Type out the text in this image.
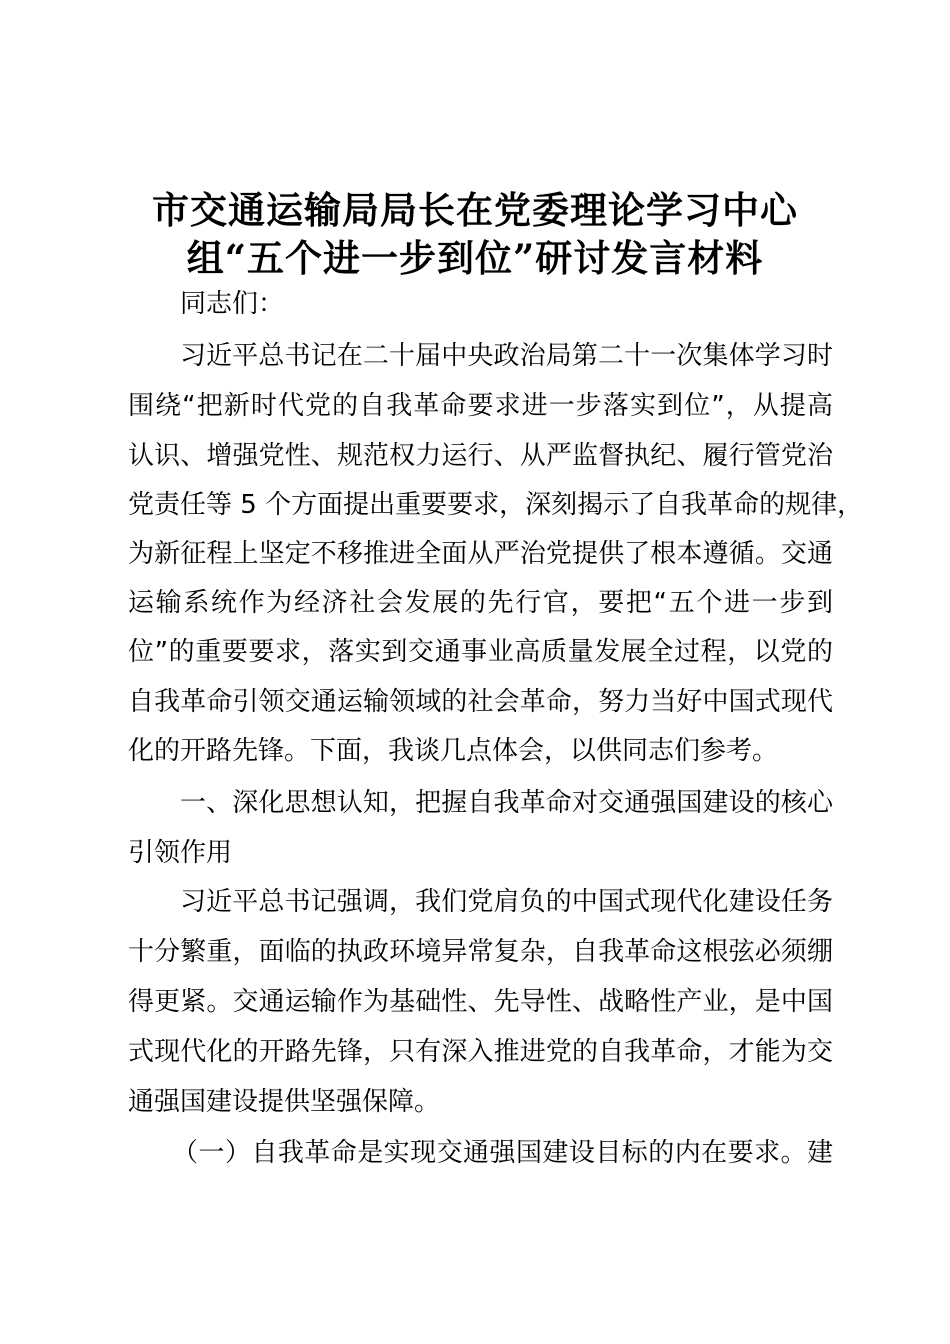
市交通运输局局长在党委理论学习中心
组“五个进一步到位”研讨发言材料
同志们：
习近平总书记在二十届中央政治局第二十一次集体学习时
围绕“把新时代党的自我革命要求进一步落实到位”，从提高
认识、增强党性、规范权力运行、从严监督执纪、履行管党治
党责任等 5 个方面提出重要要求，深刻揭示了自我革命的规律，
为新征程上坚定不移推进全面从严治党提供了根本遵循。交通
运输系统作为经济社会发展的先行官，要把“五个进一步到
位”的重要要求，落实到交通事业高质量发展全过程，以党的
自我革命引领交通运输领域的社会革命，努力当好中国式现代
化的开路先锋。下面，我谈几点体会，以供同志们参考。
一、深化思想认知，把握自我革命对交通强国建设的核心
引领作用
习近平总书记强调，我们党肩负的中国式现代化建设任务
十分繁重，面临的执政环境异常复杂，自我革命这根弦必须绷
得更紧。交通运输作为基础性、先导性、战略性产业，是中国
式现代化的开路先锋，只有深入推进党的自我革命，才能为交
通强国建设提供坚强保障。
（一）自我革命是实现交通强国建设目标的内在要求。建
